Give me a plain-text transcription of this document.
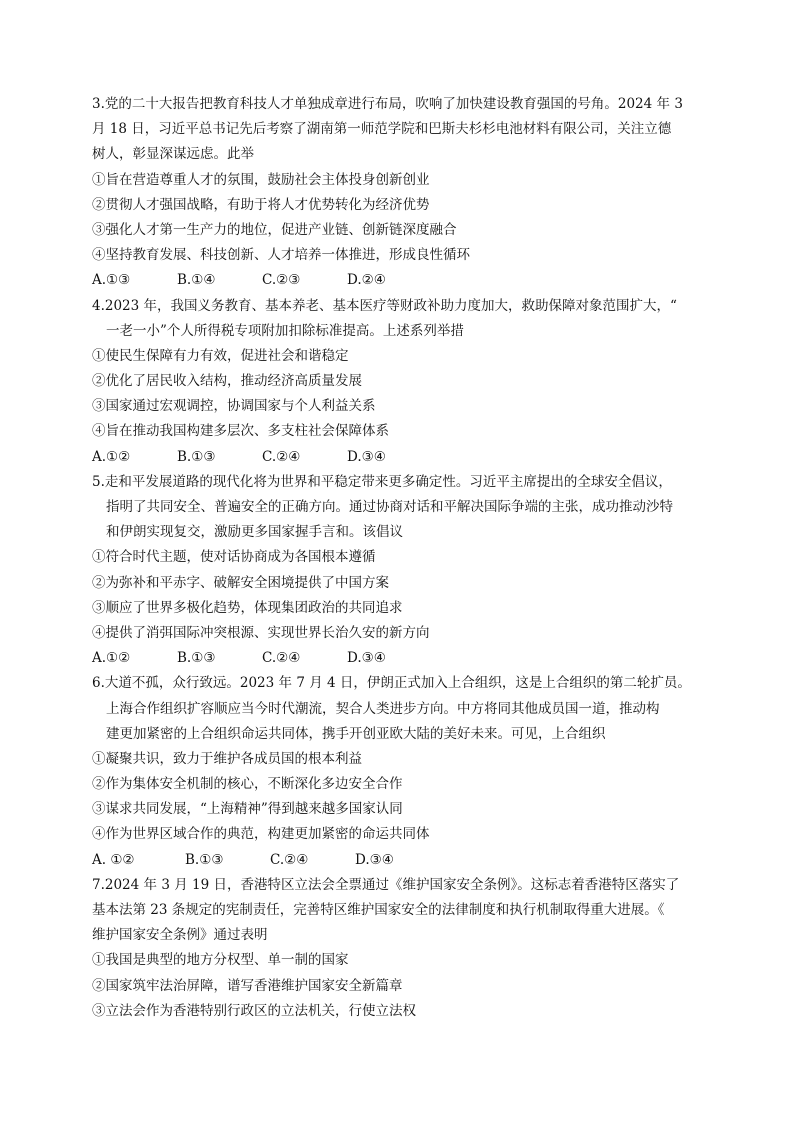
3.党的二十大报告把教育科技人才单独成章进行布局，吹响了加快建设教育强国的号角。2024 年 3
月 18 日，习近平总书记先后考察了湖南第一师范学院和巴斯夫杉杉电池材料有限公司，关注立德
树人，彰显深谋远虑。此举
①旨在营造尊重人才的氛围，鼓励社会主体投身创新创业
②贯彻人才强国战略，有助于将人才优势转化为经济优势
③强化人才第一生产力的地位，促进产业链、创新链深度融合
④坚持教育发展、科技创新、人才培养一体推进，形成良性循环
A.①③	B.①④	C.②③	D.②④
4.2023 年，我国义务教育、基本养老、基本医疗等财政补助力度加大，救助保障对象范围扩大，“
一老一小”个人所得税专项附加扣除标准提高。上述系列举措
①使民生保障有力有效，促进社会和谐稳定
②优化了居民收入结构，推动经济高质量发展
③国家通过宏观调控，协调国家与个人利益关系
④旨在推动我国构建多层次、多支柱社会保障体系
A.①②	B.①③	C.②④	D.③④
5.走和平发展道路的现代化将为世界和平稳定带来更多确定性。习近平主席提出的全球安全倡议，
指明了共同安全、普遍安全的正确方向。通过协商对话和平解决国际争端的主张，成功推动沙特
和伊朗实现复交，激励更多国家握手言和。该倡议
①符合时代主题，使对话协商成为各国根本遵循
②为弥补和平赤字、破解安全困境提供了中国方案
③顺应了世界多极化趋势，体现集团政治的共同追求
④提供了消弭国际冲突根源、实现世界长治久安的新方向
A.①②	B.①③	C.②④	D.③④
6.大道不孤，众行致远。2023 年 7 月 4 日，伊朗正式加入上合组织，这是上合组织的第二轮扩员。
上海合作组织扩容顺应当今时代潮流，契合人类进步方向。中方将同其他成员国一道，推动构
建更加紧密的上合组织命运共同体，携手开创亚欧大陆的美好未来。可见，上合组织
①凝聚共识，致力于维护各成员国的根本利益
②作为集体安全机制的核心，不断深化多边安全合作
③谋求共同发展，“上海精神”得到越来越多国家认同
④作为世界区域合作的典范，构建更加紧密的命运共同体
A. ①②	B.①③	C.②④	D.③④
7.2024 年 3 月 19 日，香港特区立法会全票通过《维护国家安全条例》。这标志着香港特区落实了
基本法第 23 条规定的宪制责任，完善特区维护国家安全的法律制度和执行机制取得重大进展。《
维护国家安全条例》通过表明
①我国是典型的地方分权型、单一制的国家
②国家筑牢法治屏障，谱写香港维护国家安全新篇章
③立法会作为香港特别行政区的立法机关，行使立法权
